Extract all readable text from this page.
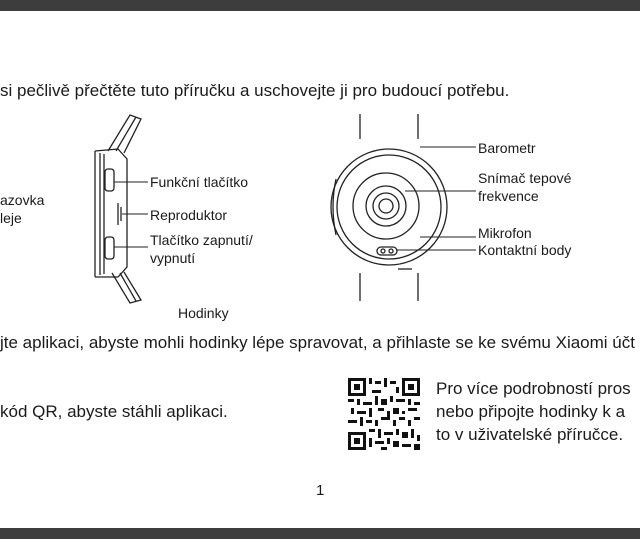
si pečlivě přečtěte tuto příručku a uschovejte ji pro budoucí potřebu.
azovka
leje
Funkční tlačítko
Reproduktor
Tlačítko zapnutí/
vypnutí
Barometr
Snímač tepové
frekvence
Mikrofon
Kontaktní body
Hodinky
jte aplikaci, abyste mohli hodinky lépe spravovat, a přihlaste se ke svému Xiaomi účt
kód QR, abyste stáhli aplikaci.
Pro více podrobností pros
nebo připojte hodinky k a
to v uživatelské příručce.
1
